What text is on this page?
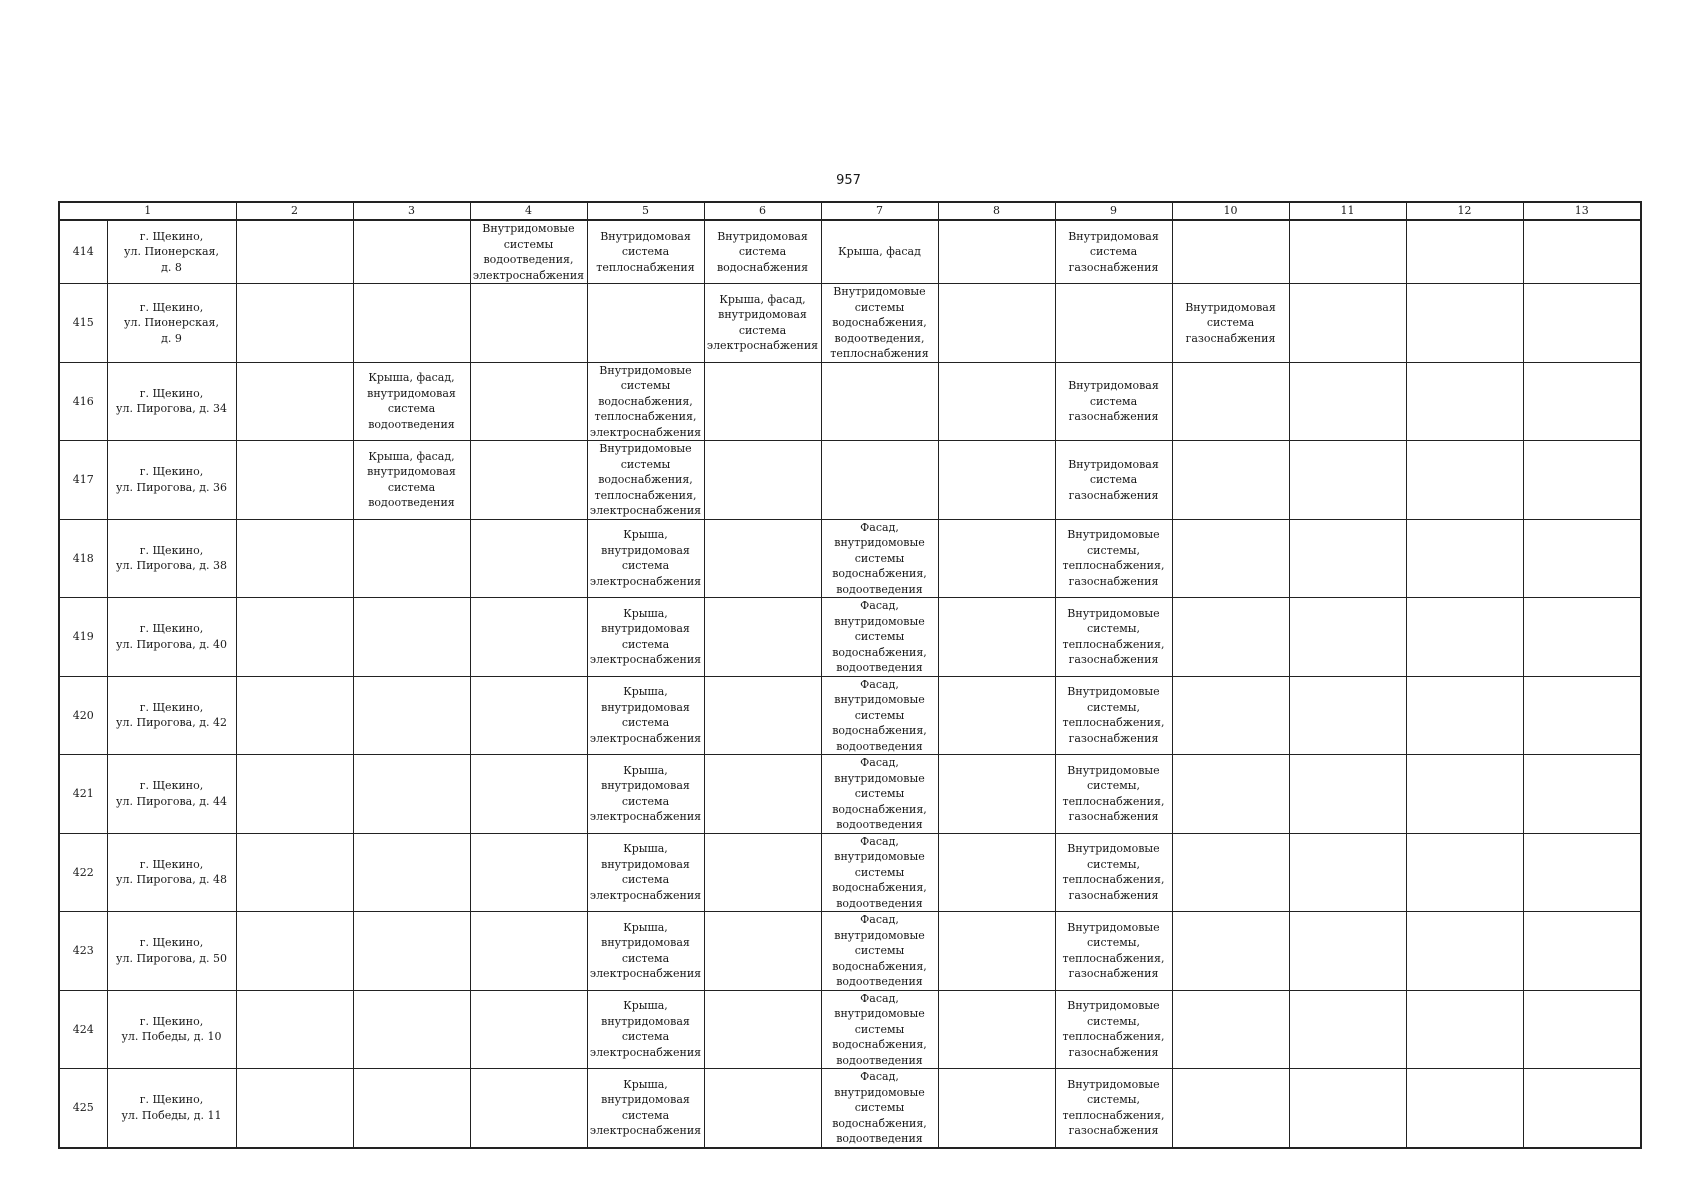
957
1		2	3	4	5	6	7	8	9	10	11	12	13
414	г. Щекино,
ул. Пионерская,
д. 8			Внутридомовые системы водоотведения, электроснабжения	Внутридомовая система теплоснабжения	Внутридомовая система водоснабжения	Крыша, фасад		Внутридомовая система газоснабжения				
415	г. Щекино,
ул. Пионерская,
д. 9					Крыша, фасад, внутридомовая система электроснабжения	Внутридомовые системы водоснабжения, водоотведения, теплоснабжения			Внутридомовая система газоснабжения			
416	г. Щекино,
ул. Пирогова, д. 34		Крыша, фасад, внутридомовая система водоотведения		Внутридомовые системы водоснабжения, теплоснабжения, электроснабжения				Внутридомовая система газоснабжения				
417	г. Щекино,
ул. Пирогова, д. 36		Крыша, фасад, внутридомовая система водоотведения		Внутридомовые системы водоснабжения, теплоснабжения, электроснабжения				Внутридомовая система газоснабжения				
418	г. Щекино,
ул. Пирогова, д. 38				Крыша, внутридомовая система электроснабжения		Фасад, внутридомовые системы водоснабжения, водоотведения		Внутридомовые системы, теплоснабжения, газоснабжения				
419	г. Щекино,
ул. Пирогова, д. 40				Крыша, внутридомовая система электроснабжения		Фасад, внутридомовые системы водоснабжения, водоотведения		Внутридомовые системы, теплоснабжения, газоснабжения				
420	г. Щекино,
ул. Пирогова, д. 42				Крыша, внутридомовая система электроснабжения		Фасад, внутридомовые системы водоснабжения, водоотведения		Внутридомовые системы, теплоснабжения, газоснабжения				
421	г. Щекино,
ул. Пирогова, д. 44				Крыша, внутридомовая система электроснабжения		Фасад, внутридомовые системы водоснабжения, водоотведения		Внутридомовые системы, теплоснабжения, газоснабжения				
422	г. Щекино,
ул. Пирогова, д. 48				Крыша, внутридомовая система электроснабжения		Фасад, внутридомовые системы водоснабжения, водоотведения		Внутридомовые системы, теплоснабжения, газоснабжения				
423	г. Щекино,
ул. Пирогова, д. 50				Крыша, внутридомовая система электроснабжения		Фасад, внутридомовые системы водоснабжения, водоотведения		Внутридомовые системы, теплоснабжения, газоснабжения				
424	г. Щекино,
ул. Победы, д. 10				Крыша, внутридомовая система электроснабжения		Фасад, внутридомовые системы водоснабжения, водоотведения		Внутридомовые системы, теплоснабжения, газоснабжения				
425	г. Щекино,
ул. Победы, д. 11				Крыша, внутридомовая система электроснабжения		Фасад, внутридомовые системы водоснабжения, водоотведения		Внутридомовые системы, теплоснабжения, газоснабжения				
